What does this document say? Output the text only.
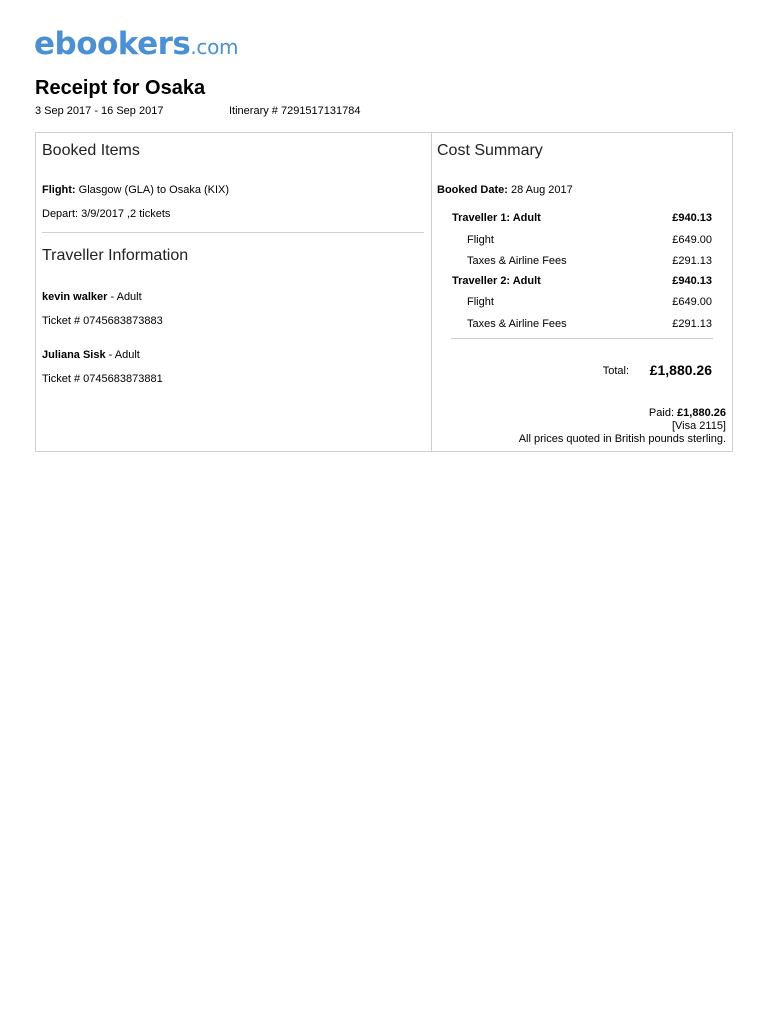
ebookers.com
Receipt for Osaka
3 Sep 2017 - 16 Sep 2017	Itinerary # 7291517131784
Booked Items
Flight: Glasgow (GLA) to Osaka (KIX)
Depart: 3/9/2017 ,2 tickets
Traveller Information
kevin walker - Adult
Ticket # 0745683873883
Juliana Sisk - Adult
Ticket # 0745683873881
Cost Summary
Booked Date: 28 Aug 2017
Traveller 1: Adult	£940.13
Flight	£649.00
Taxes & Airline Fees	£291.13
Traveller 2: Adult	£940.13
Flight	£649.00
Taxes & Airline Fees	£291.13
Total: £1,880.26
Paid: £1,880.26
[Visa 2115]
All prices quoted in British pounds sterling.
